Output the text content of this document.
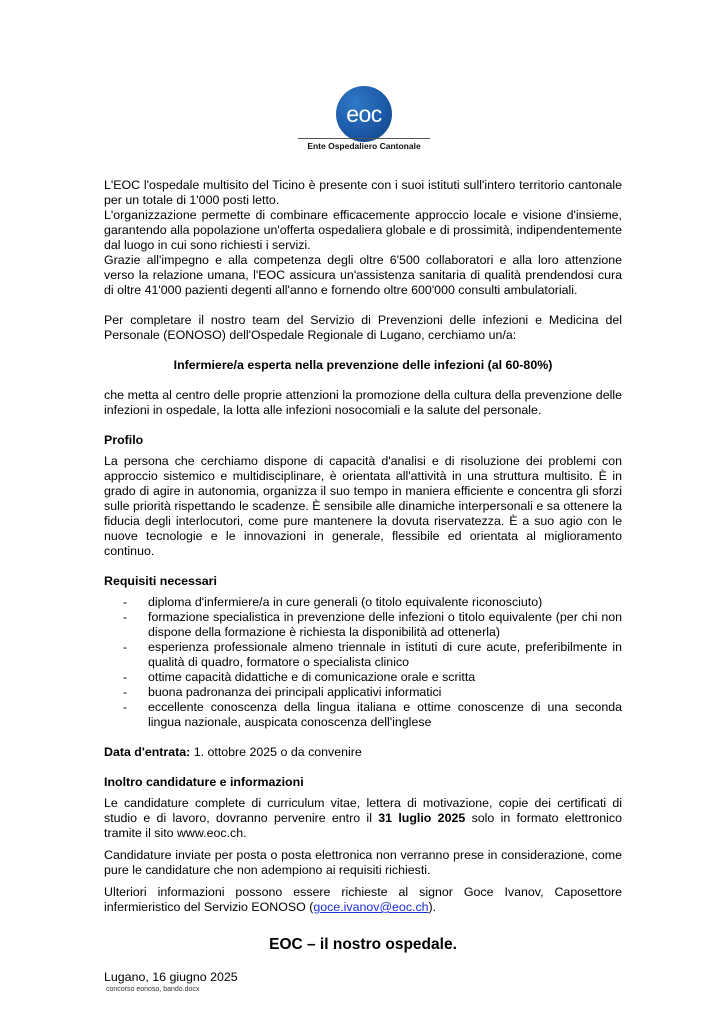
eoc
Ente Ospedaliero Cantonale

L'EOC l'ospedale multisito del Ticino è presente con i suoi istituti sull'intero territorio cantonale per un totale di 1'000 posti letto.

L'organizzazione permette di combinare efficacemente approccio locale e visione d'insieme, garantendo alla popolazione un'offerta ospedaliera globale e di prossimità, indipendentemente dal luogo in cui sono richiesti i servizi.

Grazie all'impegno e alla competenza degli oltre 6'500 collaboratori e alla loro attenzione verso la relazione umana, l'EOC assicura un'assistenza sanitaria di qualità prendendosi cura di oltre 41'000 pazienti degenti all'anno e fornendo oltre 600'000 consulti ambulatoriali.

Per completare il nostro team del Servizio di Prevenzioni delle infezioni e Medicina del Personale (EONOSO) dell'Ospedale Regionale di Lugano, cerchiamo un/a:

Infermiere/a esperta nella prevenzione delle infezioni (al 60-80%)

che metta al centro delle proprie attenzioni la promozione della cultura della prevenzione delle infezioni in ospedale, la lotta alle infezioni nosocomiali e la salute del personale.

Profilo

La persona che cerchiamo dispone di capacità d'analisi e di risoluzione dei problemi con approccio sistemico e multidisciplinare, è orientata all'attività in una struttura multisito. È in grado di agire in autonomia, organizza il suo tempo in maniera efficiente e concentra gli sforzi sulle priorità rispettando le scadenze. È sensibile alle dinamiche interpersonali e sa ottenere la fiducia degli interlocutori, come pure mantenere la dovuta riservatezza. È a suo agio con le nuove tecnologie e le innovazioni in generale, flessibile ed orientata al miglioramento continuo.

Requisiti necessari
- diploma d'infermiere/a in cure generali (o titolo equivalente riconosciuto)
- formazione specialistica in prevenzione delle infezioni o titolo equivalente (per chi non dispone della formazione è richiesta la disponibilità ad ottenerla)
- esperienza professionale almeno triennale in istituti di cure acute, preferibilmente in qualità di quadro, formatore o specialista clinico
- ottime capacità didattiche e di comunicazione orale e scritta
- buona padronanza dei principali applicativi informatici
- eccellente conoscenza della lingua italiana e ottime conoscenze di una seconda lingua nazionale, auspicata conoscenza dell'inglese

Data d'entrata: 1. ottobre 2025 o da convenire

Inoltro candidature e informazioni

Le candidature complete di curriculum vitae, lettera di motivazione, copie dei certificati di studio e di lavoro, dovranno pervenire entro il 31 luglio 2025 solo in formato elettronico tramite il sito www.eoc.ch.

Candidature inviate per posta o posta elettronica non verranno prese in considerazione, come pure le candidature che non adempiono ai requisiti richiesti.

Ulteriori informazioni possono essere richieste al signor Goce Ivanov, Caposettore infermieristico del Servizio EONOSO (goce.ivanov@eoc.ch).

EOC – il nostro ospedale.
Lugano, 16 giugno 2025
concorso eonoso, bando.docx
